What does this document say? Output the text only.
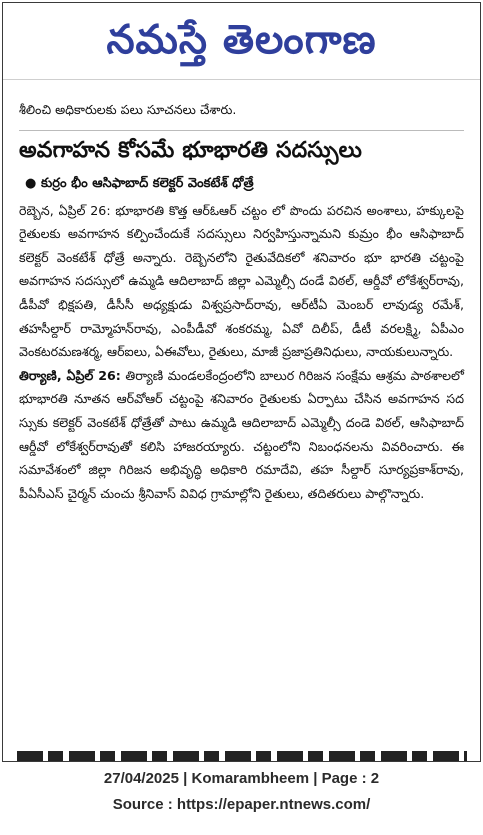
నమస్తే తెలంగాణ

శీలించి అధికారులకు పలు సూచనలు చేశారు.

అవగాహన కోసమే భూభారతి సదస్సులు
● కుర్రం భీం ఆసిఫాబాద్ కలెక్టర్ వెంకటేశ్ ధోత్రే

రెబ్బెన, ఏప్రిల్ 26: భూభారతి కొత్త ఆర్ఓఆర్ చట్టం లో పొందు పరచిన అంశాలు, హక్కులపై రైతులకు అవగాహన కల్పించేందుకే సదస్సులు నిర్వహిస్తున్నామని కుమ్రం భీం ఆసిఫాబాద్ కలెక్టర్ వెంకటేశ్ ధోత్రే అన్నారు. రెబ్బెనలోని రైతువేదికలో శనివారం భూ భారతి చట్టంపై అవగాహన సదస్సులో ఉమ్మడి ఆదిలాబాద్ జిల్లా ఎమ్మెల్సీ దండే విఠల్, ఆర్డీవో లోకేశ్వర్‌రావు, డీపీవో భిక్షపతి, డీసీసీ అధ్యక్షుడు విశ్వప్రసాద్‌రావు, ఆర్‌టీఏ మెంబర్ లావుడ్య రమేశ్, తహసీల్దార్ రామ్మోహన్‌రావు, ఎంపీడీవో శంకరమ్మ, ఏవో దిలీప్, డీటీ వరలక్ష్మి, ఏపీఎం వెంకటరమణశర్మ, ఆర్ఐలు, ఏఈవోలు, రైతులు, మాజీ ప్రజాప్రతినిధులు, నాయకులున్నారు.

తిర్యాణి, ఏప్రిల్ 26: తిర్యాణి మండలకేంద్రంలోని బాలుర గిరిజన సంక్షేమ ఆశ్రమ పాఠశాలలో భూభారతి నూతన ఆర్‌వోఆర్ చట్టంపై శనివారం రైతులకు ఏర్పాటు చేసిన అవగాహన సద స్సుకు కలెక్టర్ వెంకటేశ్ ధోత్రేతో పాటు ఉమ్మడి ఆదిలాబాద్ ఎమ్మెల్సీ దండె విఠల్, ఆసిఫాబాద్ ఆర్డీవో లోకేశ్వర్‌రావుతో కలిసి హాజరయ్యారు. చట్టంలోని నిబంధనలను వివరించారు. ఈ సమావేశంలో జిల్లా గిరిజన అభివృద్ధి అధికారి రమాదేవి, తహ సీల్దార్ సూర్యప్రకాశ్‌రావు, పీఏసీఎస్ చైర్మన్ చుంచు శ్రీనివాస్ వివిధ గ్రామాల్లోని రైతులు, తదితరులు పాల్గొన్నారు.

27/04/2025 | Komarambheem | Page : 2
Source : https://epaper.ntnews.com/
